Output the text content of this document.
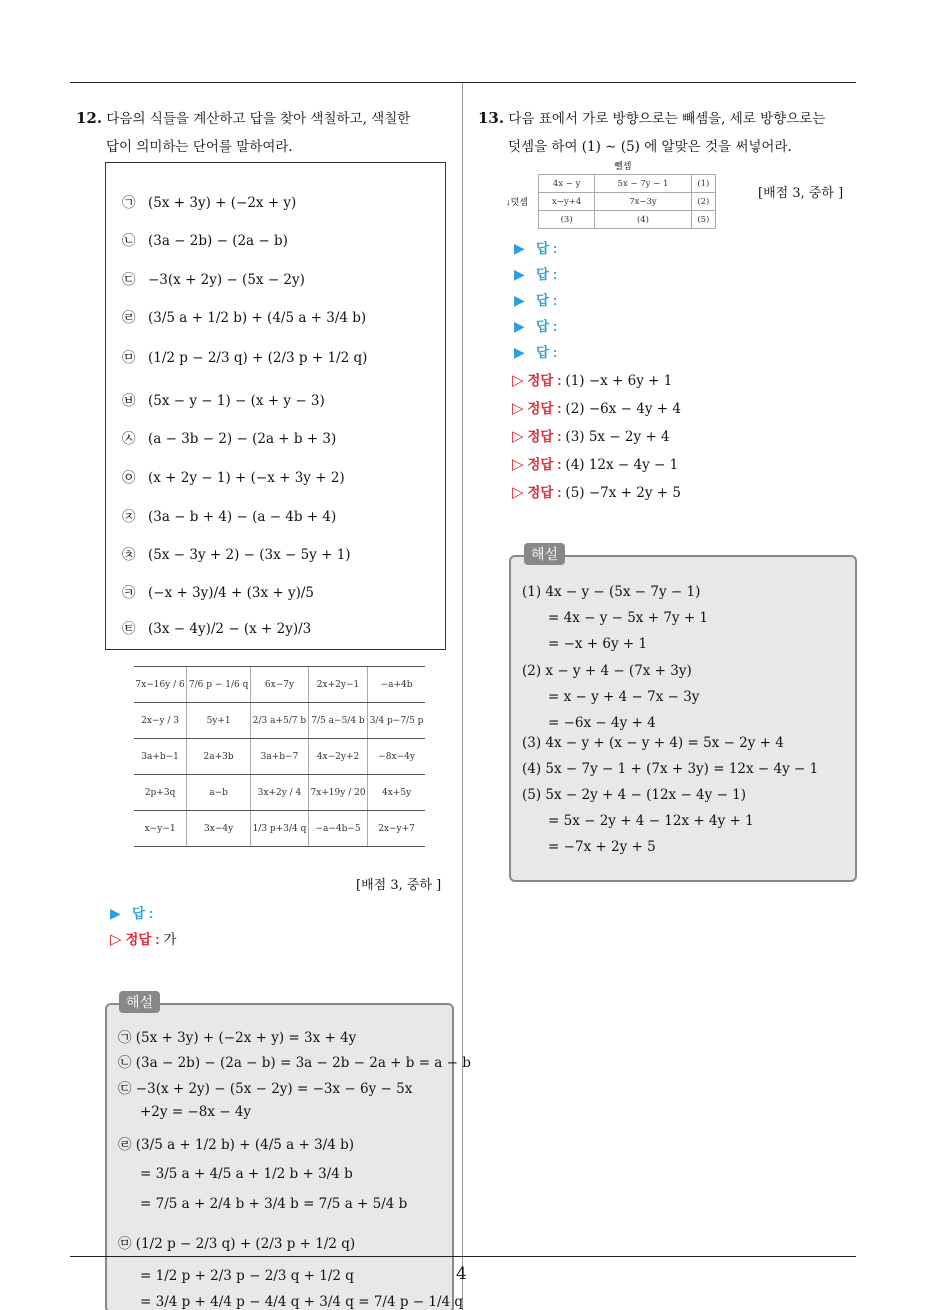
12. 다음의 식들을 계산하고 답을 찾아 색칠하고, 색칠한
답이 의미하는 단어를 말하여라.
㉠ (5x + 3y) + (−2x + y)
㉡ (3a − 2b) − (2a − b)
㉢ −3(x + 2y) − (5x − 2y)
㉣ (3/5 a + 1/2 b) + (4/5 a + 3/4 b)
㉤ (1/2 p − 2/3 q) + (2/3 p + 1/2 q)
㉥ (5x − y − 1) − (x + y − 3)
㉦ (a − 3b − 2) − (2a + b + 3)
㉧ (x + 2y − 1) + (−x + 3y + 2)
㉨ (3a − b + 4) − (a − 4b + 4)
㉩ (5x − 3y + 2) − (3x − 5y + 1)
㉪ (−x + 3y)/4 + (3x + y)/5
㉫ (3x − 4y)/2 − (x + 2y)/3
7x−16y / 6	7/6 p − 1/6 q	6x−7y	2x+2y−1	−a+4b
2x−y / 3	5y+1	2/3 a+5/7 b	7/5 a−5/4 b	3/4 p−7/5 p
3a+b−1	2a+3b	3a+b−7	4x−2y+2	−8x−4y
2p+3q	a−b	3x+2y / 4	7x+19y / 20	4x+5y
x−y−1	3x−4y	1/3 p+3/4 q	−a−4b−5	2x−y+7
[배점 3, 중하 ]
▶ 답 :
▷ 정답 : 가
해설
㉠ (5x + 3y) + (−2x + y) = 3x + 4y
㉡ (3a − 2b) − (2a − b) = 3a − 2b − 2a + b = a − b
㉢ −3(x + 2y) − (5x − 2y) = −3x − 6y − 5x
+2y = −8x − 4y
㉣ (3/5 a + 1/2 b) + (4/5 a + 3/4 b)
= 3/5 a + 4/5 a + 1/2 b + 3/4 b
= 7/5 a + 2/4 b + 3/4 b = 7/5 a + 5/4 b
㉤ (1/2 p − 2/3 q) + (2/3 p + 1/2 q)
= 1/2 p + 2/3 p − 2/3 q + 1/2 q
= 3/4 p + 4/4 p − 4/4 q + 3/4 q = 7/4 p − 1/4 q
13. 다음 표에서 가로 방향으로는 빼셈을, 세로 방향으로는
덧셈을 하여 (1) ∼ (5) 에 알맞은 것을 써넣어라.
뺄셈
↓덧셈
4x − y	5x − 7y − 1	(1)
x−y+4	7x−3y	(2)
(3)	(4)	(5)
[배점 3, 중하 ]
▶ 답 :
▶ 답 :
▶ 답 :
▶ 답 :
▶ 답 :
▷ 정답 : (1) −x + 6y + 1
▷ 정답 : (2) −6x − 4y + 4
▷ 정답 : (3) 5x − 2y + 4
▷ 정답 : (4) 12x − 4y − 1
▷ 정답 : (5) −7x + 2y + 5
해설
(1) 4x − y − (5x − 7y − 1)
= 4x − y − 5x + 7y + 1
= −x + 6y + 1
(2) x − y + 4 − (7x + 3y)
= x − y + 4 − 7x − 3y
= −6x − 4y + 4
(3) 4x − y + (x − y + 4) = 5x − 2y + 4
(4) 5x − 7y − 1 + (7x + 3y) = 12x − 4y − 1
(5) 5x − 2y + 4 − (12x − 4y − 1)
= 5x − 2y + 4 − 12x + 4y + 1
= −7x + 2y + 5
4
